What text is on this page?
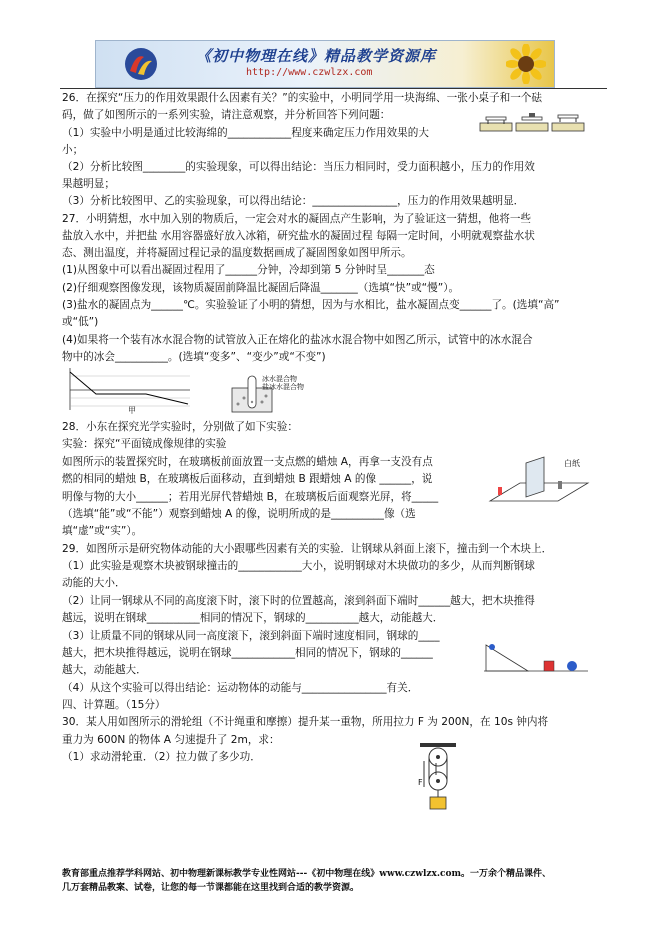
《初中物理在线》精品教学资源库
http://www.czwlzx.com
26．在探究“压力的作用效果跟什么因素有关？”的实验中，小明同学用一块海绵、一张小桌子和一个砝
码，做了如图所示的一系列实验，请注意观察，并分析回答下列问题：
（1）实验中小明是通过比较海绵的____________程度来确定压力作用效果的大
小；
（2）分析比较图________的实验现象，可以得出结论：当压力相同时，受力面积越小，压力的作用效
果越明显；
（3）分析比较图甲、乙的实验现象，可以得出结论：________________，压力的作用效果越明显．
27．小明猜想，水中加入别的物质后，一定会对水的凝固点产生影响，为了验证这一猜想，他将一些
盐放入水中，并把盐 水用容器盛好放入冰箱，研究盐水的凝固过程 每隔一定时间，小明就观察盐水状
态、测出温度，并将凝固过程记录的温度数据画成了凝固图象如图甲所示。
(1)从图象中可以看出凝固过程用了______分钟，冷却到第 5 分钟时呈_______态
(2)仔细观察图像发现，该物质凝固前降温比凝固后降温_______（选填“快”或“慢”）。
(3)盐水的凝固点为______℃。实验验证了小明的猜想，因为与水相比，盐水凝固点变______了。(选填“高”
或“低”)
(4)如果将一个装有冰水混合物的试管放入正在熔化的盐冰水混合物中如图乙所示，试管中的冰水混合
物中的冰会__________。(选填“变多”、“变少”或“不变”)
28．小东在探究光学实验时，分别做了如下实验：
实验：探究“平面镜成像规律的实验
如图所示的装置探究时，在玻璃板前面放置一支点燃的蜡烛 A，再拿一支没有点
燃的相同的蜡烛 B，在玻璃板后面移动，直到蜡烛 B 跟蜡烛 A 的像 ______，说
明像与物的大小______；若用光屏代替蜡烛 B，在玻璃板后面观察光屏，将_____
（选填“能”或“不能”）观察到蜡烛 A 的像，说明所成的是__________像（选
填“虚”或“实”）。
29．如图所示是研究物体动能的大小跟哪些因素有关的实验．让钢球从斜面上滚下，撞击到一个木块上．
（1）此实验是观察木块被钢球撞击的____________大小，说明钢球对木块做功的多少，从而判断钢球
动能的大小．
（2）让同一钢球从不同的高度滚下时，滚下时的位置越高，滚到斜面下端时______越大，把木块推得
越远，说明在钢球__________相同的情况下，钢球的__________越大，动能越大．
（3）让质量不同的钢球从同一高度滚下，滚到斜面下端时速度相同，钢球的____
越大，把木块推得越远，说明在钢球____________相同的情况下，钢球的______
越大，动能越大．
（4）从这个实验可以得出结论：运动物体的动能与________________有关．
四、计算题。（15分）
30．某人用如图所示的滑轮组（不计绳重和摩擦）提升某一重物，所用拉力 F 为 200N，在 10s 钟内将
重力为 600N 的物体 A 匀速提升了 2m，求：
（1）求动滑轮重．（2）拉力做了多少功．
甲
冰水混合物
盐冰水混合物
白纸
F
教育部重点推荐学科网站、初中物理新课标教学专业性网站---《初中物理在线》www.czwlzx.com。一万余个精品课件、
几万套精品教案、试卷，让您的每一节课都能在这里找到合适的教学资源。
